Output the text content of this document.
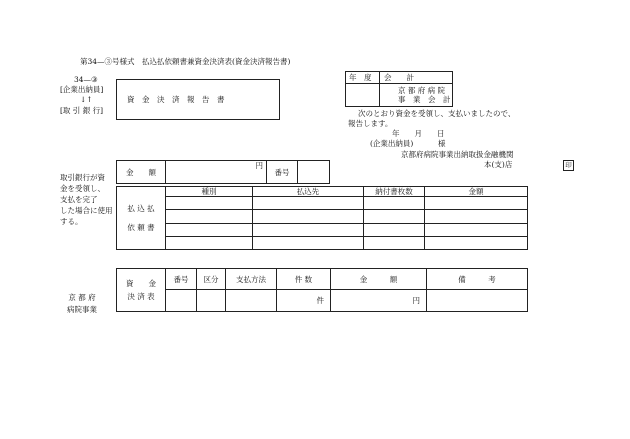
第34—③号様式　払込払依頼書兼資金決済表(資金決済報告書)
34—③
[企業出納員]
↓↑
[取 引 銀 行]
資　金　決　済　報　告　書
年　度	会　　計

	京 都 府 病 院
事　業　会　計
次のとおり資金を受領し、支払いましたので、
報告します。
年　　月　　日
(企業出納員)	様
京都府病院事業出納取扱金融機関
本(支)店	印
取引銀行が資
金を受領し、
支払を完了
した場合に使用
する。
金　　額	円	番号	
払 込 払
依 頼 書	種別	払込先	納付書枚数	金額

資　　金
決 済 表	番号	区分	支払方法	件 数	金　　　額	備　　　考
				件	円	
京 都 府
病院事業
